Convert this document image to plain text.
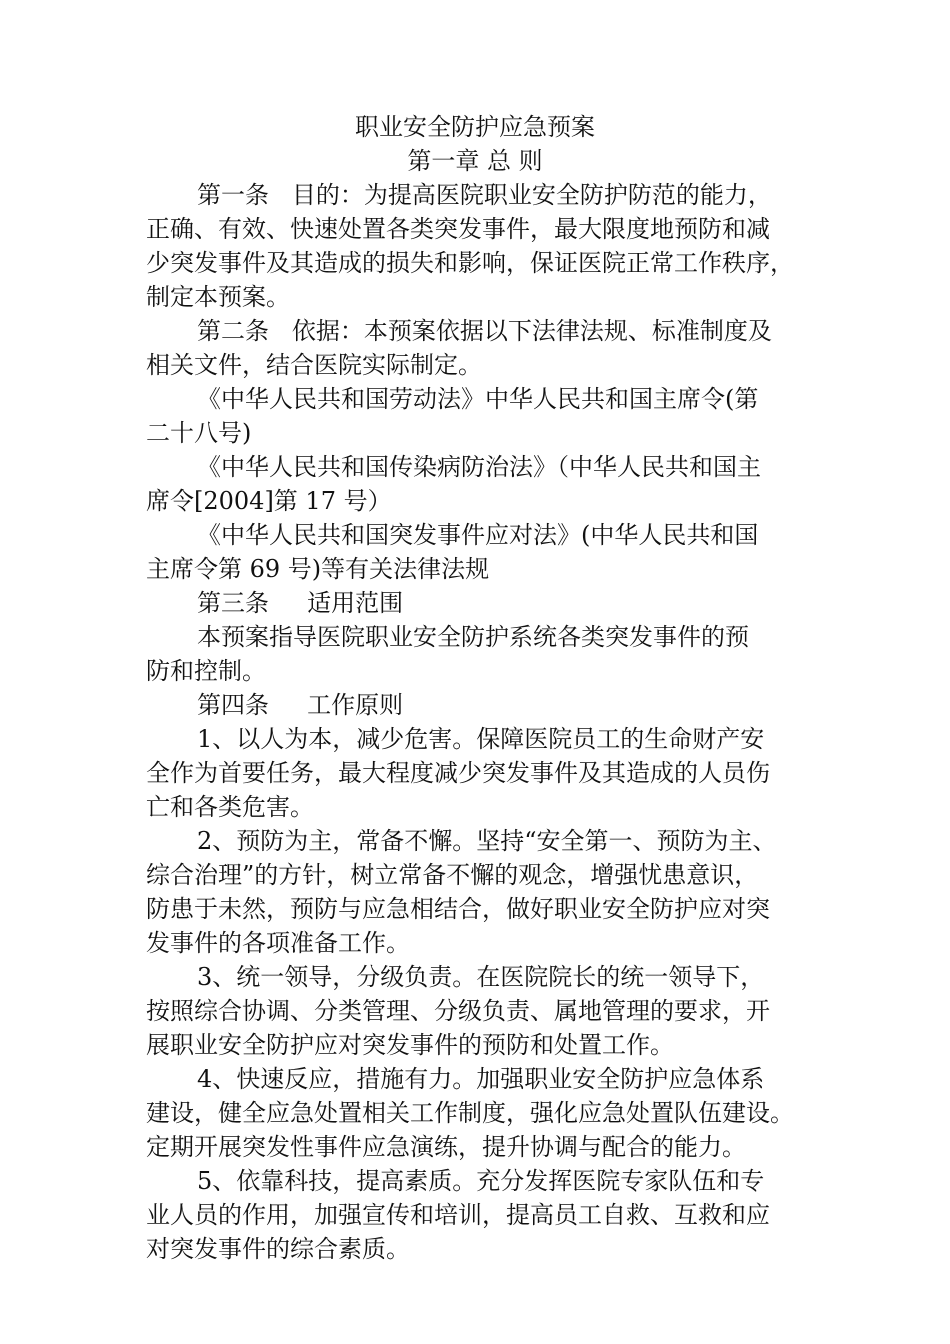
职业安全防护应急预案
第一章 总 则
第一条   目的：为提高医院职业安全防护防范的能力，
正确、有效、快速处置各类突发事件，最大限度地预防和减
少突发事件及其造成的损失和影响，保证医院正常工作秩序，
制定本预案。
第二条   依据：本预案依据以下法律法规、标准制度及
相关文件，结合医院实际制定。
《中华人民共和国劳动法》中华人民共和国主席令(第
二十八号)
《中华人民共和国传染病防治法》（中华人民共和国主
席令[2004]第 17 号）
《中华人民共和国突发事件应对法》(中华人民共和国
主席令第 69 号)等有关法律法规
第三条     适用范围
本预案指导医院职业安全防护系统各类突发事件的预
防和控制。
第四条     工作原则
1、以人为本，减少危害。保障医院员工的生命财产安
全作为首要任务，最大程度减少突发事件及其造成的人员伤
亡和各类危害。
2、预防为主，常备不懈。坚持“安全第一、预防为主、
综合治理”的方针，树立常备不懈的观念，增强忧患意识，
防患于未然，预防与应急相结合，做好职业安全防护应对突
发事件的各项准备工作。
3、统一领导，分级负责。在医院院长的统一领导下，
按照综合协调、分类管理、分级负责、属地管理的要求，开
展职业安全防护应对突发事件的预防和处置工作。
4、快速反应，措施有力。加强职业安全防护应急体系
建设，健全应急处置相关工作制度，强化应急处置队伍建设。
定期开展突发性事件应急演练，提升协调与配合的能力。
5、依靠科技，提高素质。充分发挥医院专家队伍和专
业人员的作用，加强宣传和培训，提高员工自救、互救和应
对突发事件的综合素质。
